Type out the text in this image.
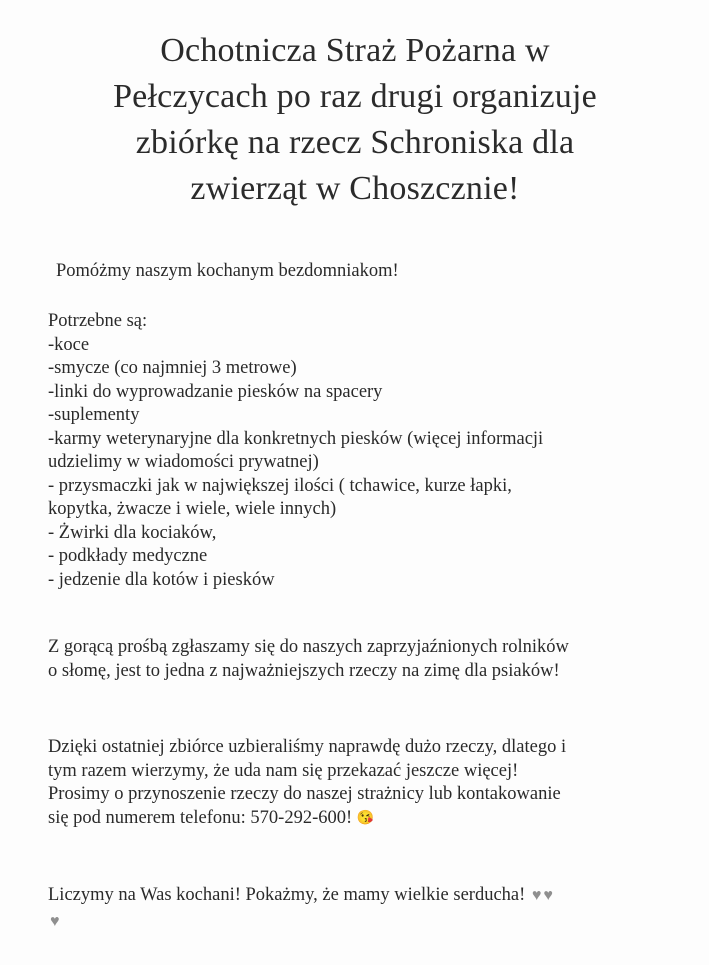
Ochotnicza Straż Pożarna w
Pełczycach po raz drugi organizuje
zbiórkę na rzecz Schroniska dla
zwierząt w Choszcznie!
Pomóżmy naszym kochanym bezdomniakom!
Potrzebne są:
-koce
-smycze (co najmniej 3 metrowe)
-linki do wyprowadzanie piesków na spacery
-suplementy
-karmy weterynaryjne dla konkretnych piesków (więcej informacji
udzielimy w wiadomości prywatnej)
- przysmaczki jak w największej ilości ( tchawice, kurze łapki,
kopytka, żwacze i wiele, wiele innych)
- Żwirki dla kociaków,
- podkłady medyczne
- jedzenie dla kotów i piesków
Z gorącą prośbą zgłaszamy się do naszych zaprzyjaźnionych rolników
o słomę, jest to jedna z najważniejszych rzeczy na zimę dla psiaków!
Dzięki ostatniej zbiórce uzbieraliśmy naprawdę dużo rzeczy, dlatego i
tym razem wierzymy, że uda nam się przekazać jeszcze więcej!
Prosimy o przynoszenie rzeczy do naszej strażnicy lub kontakowanie
się pod numerem telefonu: 570-292-600! 😘
Liczymy na Was kochani! Pokażmy, że mamy wielkie serducha! ♥ ♥
♥
